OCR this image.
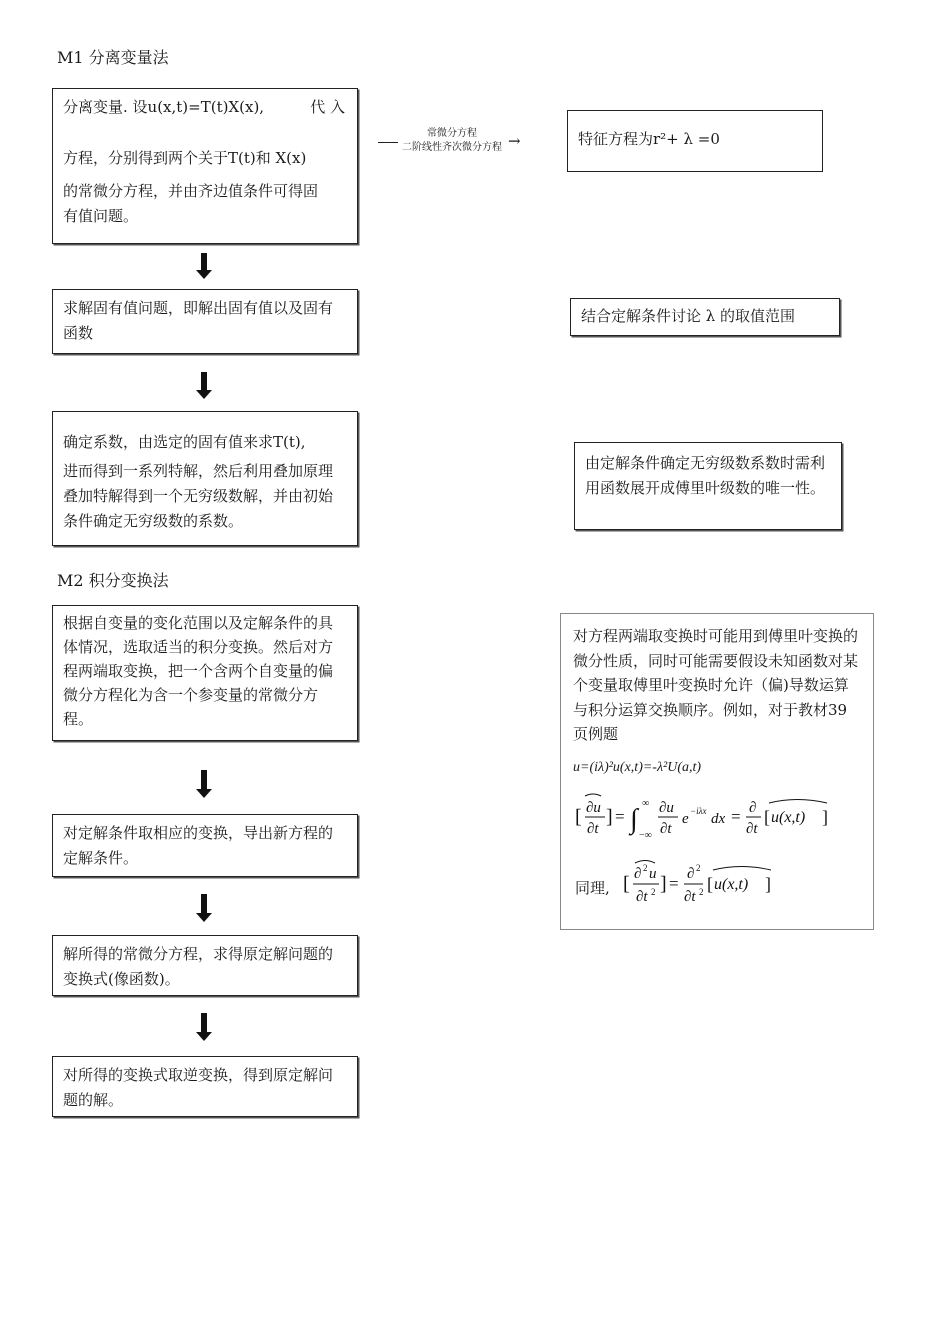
M1 分离变量法
分离变量. 设u(x,t)=T(t)X(x),	代 入
方程，分别得到两个关于T(t)和 X(x)
的常微分方程，并由齐边值条件可得固
有值问题。
求解固有值问题，即解出固有值以及固有函数
确定系数，由选定的固有值来求T(t),
进而得到一系列特解，然后利用叠加原理叠加特解得到一个无穷级数解，并由初始条件确定无穷级数的系数。
常微分方程
二阶线性齐次微分方程 →	特征方程为r²+ λ =0
结合定解条件讨论 λ 的取值范围
由定解条件确定无穷级数系数时需利用函数展开成傅里叶级数的唯一性。
M2 积分变换法
根据自变量的变化范围以及定解条件的具体情况，选取适当的积分变换。然后对方程两端取变换，把一个含两个自变量的偏微分方程化为含一个参变量的常微分方程。
对定解条件取相应的变换，导出新方程的定解条件。
解所得的常微分方程，求得原定解问题的变换式(像函数)。
对所得的变换式取逆变换，得到原定解问题的解。
对方程两端取变换时可能用到傅里叶变换的微分性质，同时可能需要假设未知函数对某个变量取傅里叶变换时允许（偏)导数运算与积分运算交换顺序。例如，对于教材39页例题
u=(iλ)²u(x,t)=-λ²U(a,t)
[ ∂u
∂t
] = ∫
∞
−∞
∂u
∂t
e −iλx dx = ∂
∂t
[ u(x,t) ]
同理, [ ∂ 2 u
∂t 2 ] = ∂ 2
∂t 2 [ u(x,t) ]
